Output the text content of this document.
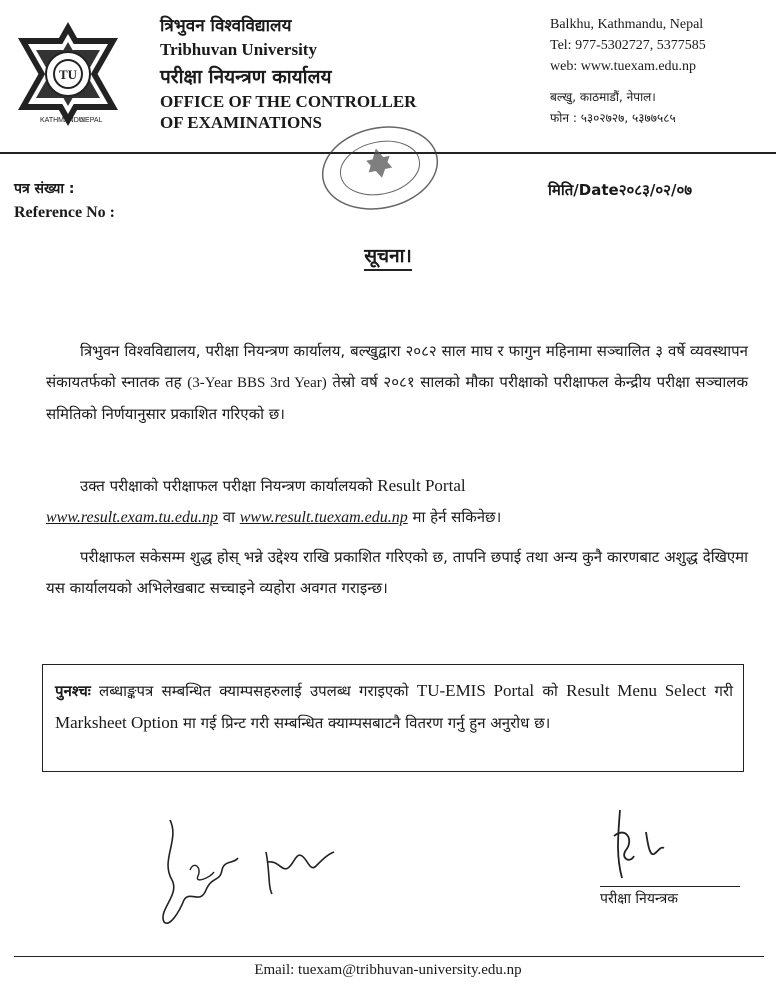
TU
KATHMANDU
NEPAL
त्रिभुवन विश्वविद्यालय
Tribhuvan University
परीक्षा नियन्त्रण कार्यालय
OFFICE OF THE CONTROLLER
OF EXAMINATIONS
Balkhu, Kathmandu, Nepal
Tel: 977-5302727, 5377585
web: www.tuexam.edu.np
बल्खु, काठमाडौं, नेपाल।
फोन : ५३०२७२७, ५३७७५८५
पत्र संख्या :
Reference No :
मिति/Date२०८३/०२/०७
सूचना।
त्रिभुवन विश्वविद्यालय, परीक्षा नियन्त्रण कार्यालय, बल्खुद्वारा २०८२ साल माघ र फागुन महिनामा सञ्चालित ३ वर्षे व्यवस्थापन संकायतर्फको स्नातक तह (3-Year BBS 3rd Year) तेस्रो वर्ष २०८१ सालको मौका परीक्षाको परीक्षाफल केन्द्रीय परीक्षा सञ्चालक समितिको निर्णयानुसार प्रकाशित गरिएको छ।
उक्त परीक्षाको परीक्षाफल परीक्षा नियन्त्रण कार्यालयको Result Portal
www.result.exam.tu.edu.np वा www.result.tuexam.edu.np मा हेर्न सकिनेछ।
परीक्षाफल सकेसम्म शुद्ध होस् भन्ने उद्देश्य राखि प्रकाशित गरिएको छ, तापनि छपाई तथा अन्य कुनै कारणबाट अशुद्ध देखिएमा यस कार्यालयको अभिलेखबाट सच्चाइने व्यहोरा अवगत गराइन्छ।
पुनश्चः लब्धाङ्कपत्र सम्बन्धित क्याम्पसहरुलाई उपलब्ध गराइएको TU-EMIS Portal को Result Menu Select गरी Marksheet Option मा गई प्रिन्ट गरी सम्बन्धित क्याम्पसबाटनै वितरण गर्नु हुन अनुरोध छ।
परीक्षा नियन्त्रक
Email: tuexam@tribhuvan-university.edu.np
